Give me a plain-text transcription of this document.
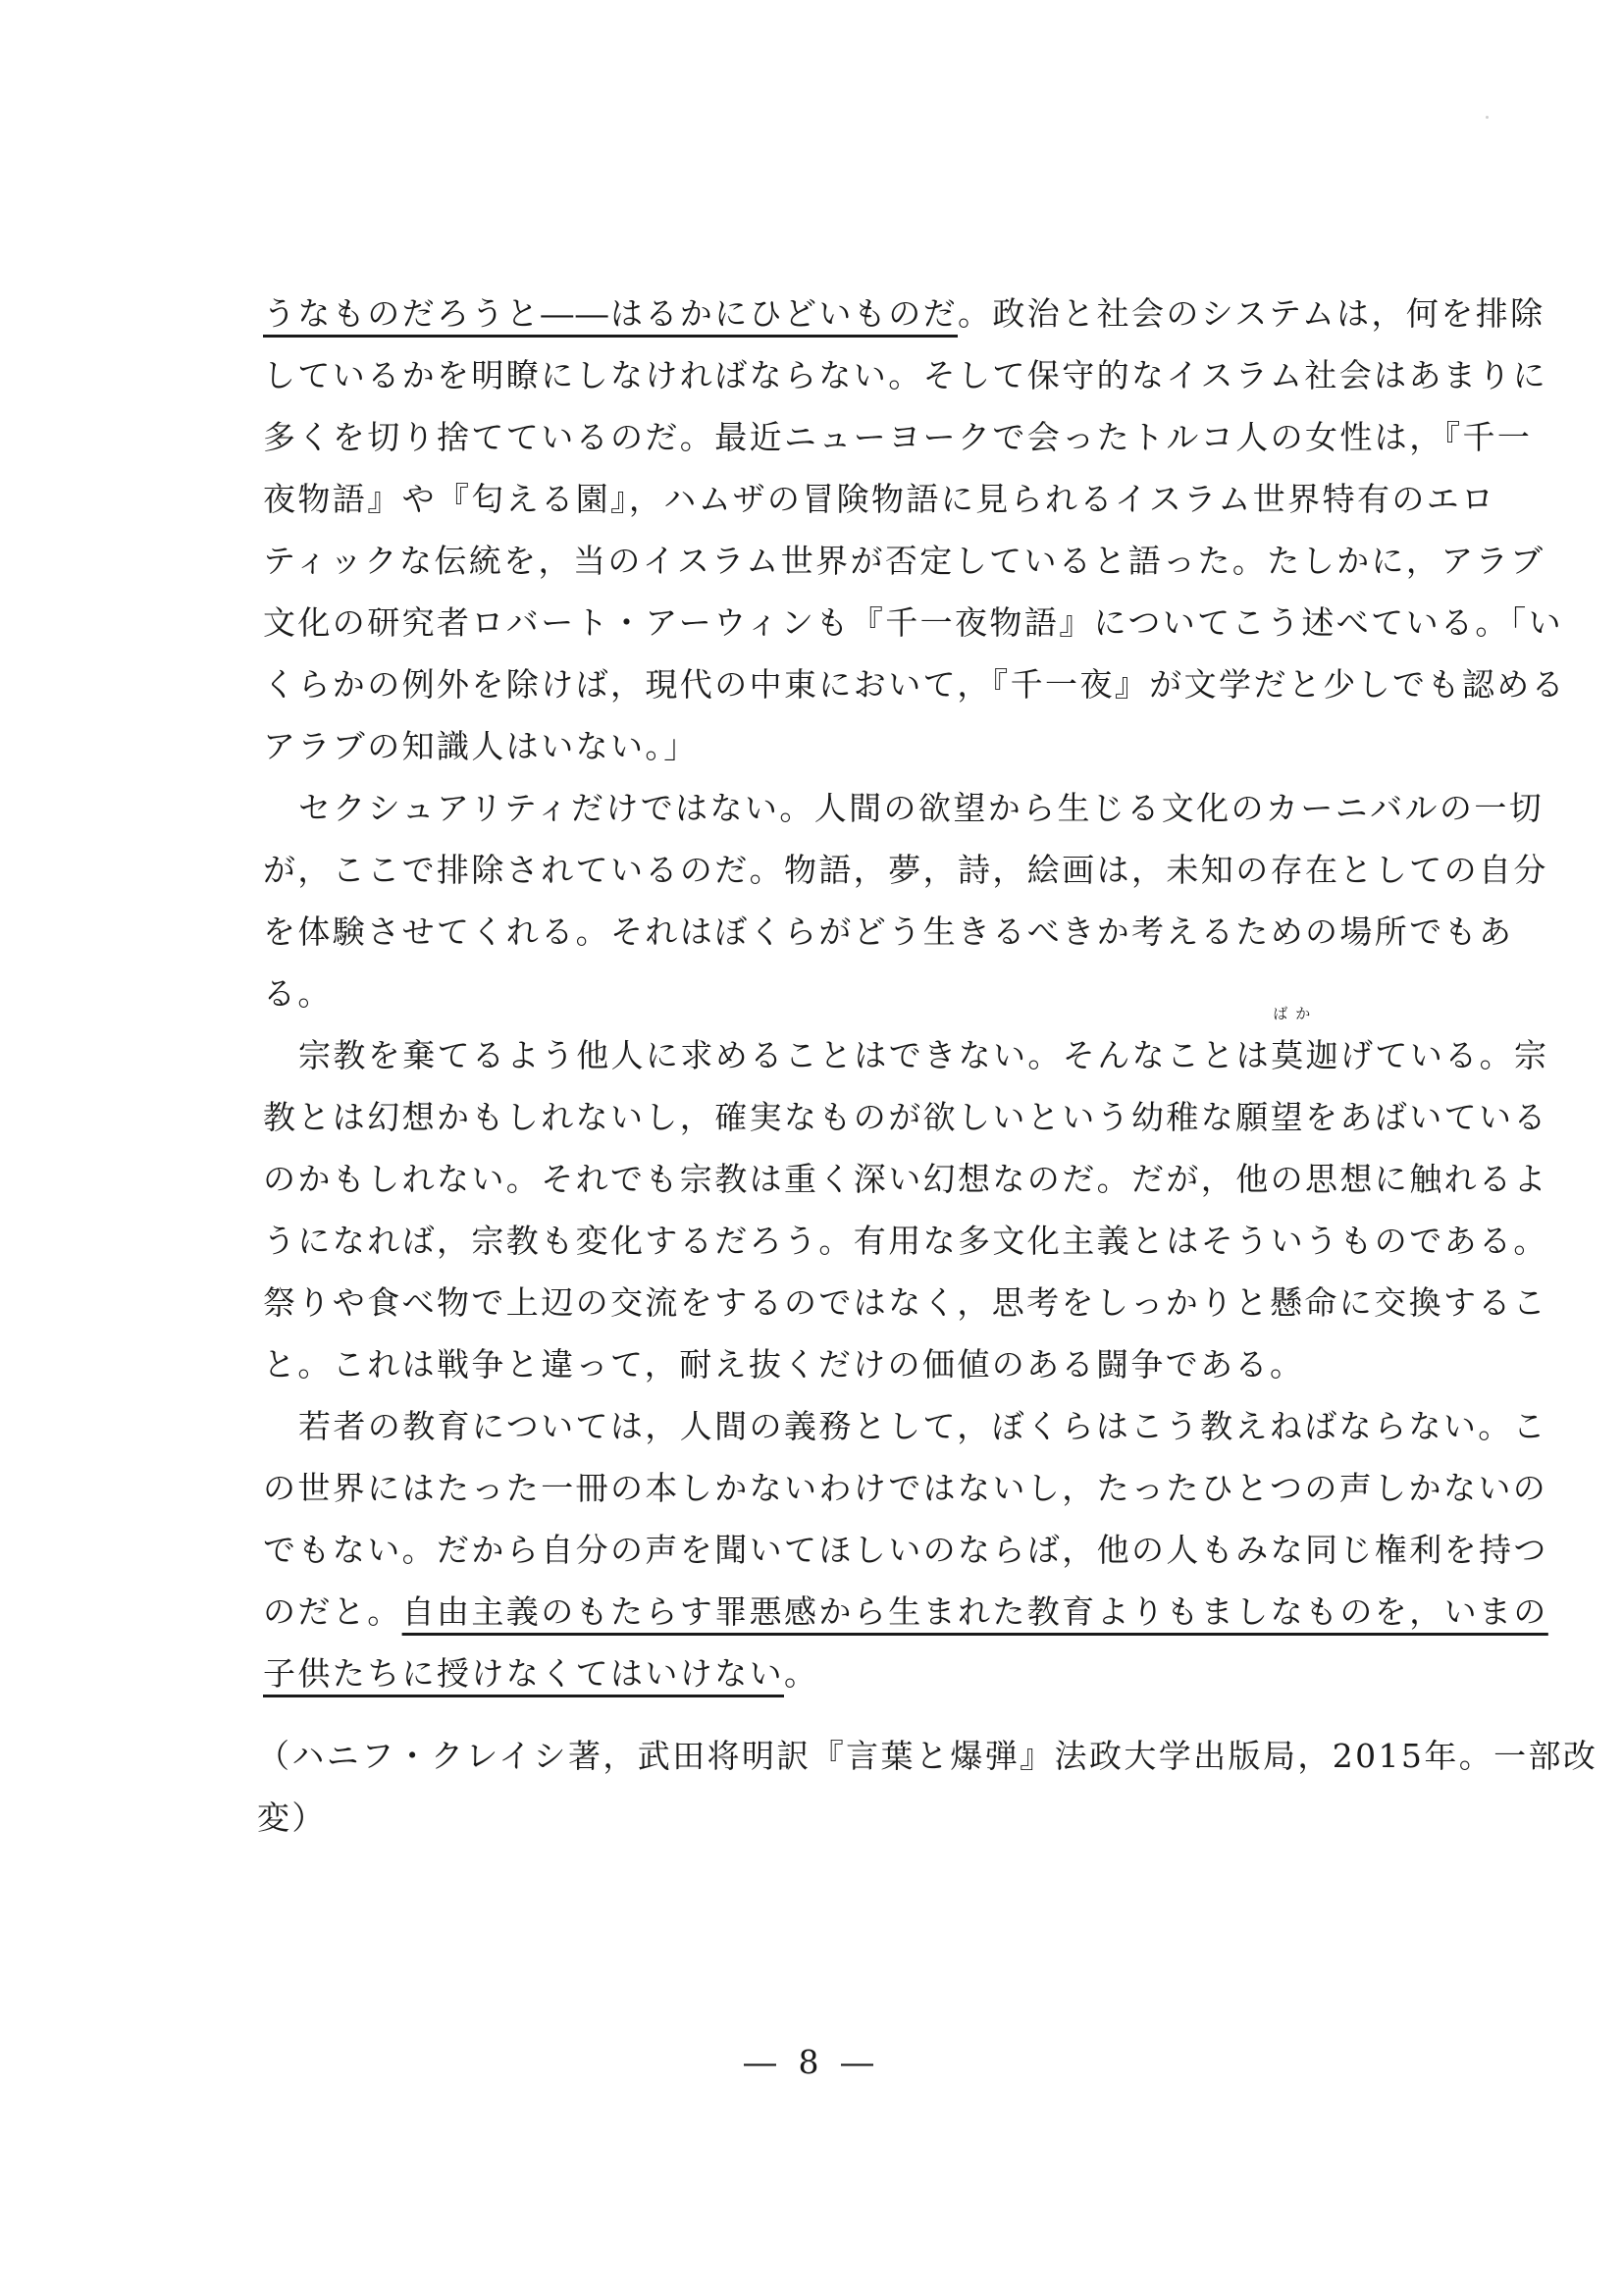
うなものだろうと――はるかにひどいものだ。政治と社会のシステムは，何を排除
しているかを明瞭にしなければならない。そして保守的なイスラム社会はあまりに
多くを切り捨てているのだ。最近ニューヨークで会ったトルコ人の女性は，『千一
夜物語』や『匂える園』，ハムザの冒険物語に見られるイスラム世界特有のエロ
ティックな伝統を，当のイスラム世界が否定していると語った。たしかに，アラブ
文化の研究者ロバート・アーウィンも『千一夜物語』についてこう述べている。「い
くらかの例外を除けば，現代の中東において，『千一夜』が文学だと少しでも認める
アラブの知識人はいない。」
セクシュアリティだけではない。人間の欲望から生じる文化のカーニバルの一切
が，ここで排除されているのだ。物語，夢，詩，絵画は，未知の存在としての自分
を体験させてくれる。それはぼくらがどう生きるべきか考えるための場所でもあ
る。
宗教を棄てるよう他人に求めることはできない。そんなことは
ばか
莫迦げている。宗
教とは幻想かもしれないし，確実なものが欲しいという幼稚な願望をあばいている
のかもしれない。それでも宗教は重く深い幻想なのだ。だが，他の思想に触れるよ
うになれば，宗教も変化するだろう。有用な多文化主義とはそういうものである。
祭りや食べ物で上辺の交流をするのではなく，思考をしっかりと懸命に交換するこ
と。これは戦争と違って，耐え抜くだけの価値のある闘争である。
若者の教育については，人間の義務として，ぼくらはこう教えねばならない。こ
の世界にはたった一冊の本しかないわけではないし，たったひとつの声しかないの
でもない。だから自分の声を聞いてほしいのならば，他の人もみな同じ権利を持つ
のだと。自由主義のもたらす罪悪感から生まれた教育よりもましなものを，いまの
子供たちに授けなくてはいけない。
（ハニフ・クレイシ著，武田将明訳『言葉と爆弾』法政大学出版局，2015年。一部改
変）
― 8 ―
